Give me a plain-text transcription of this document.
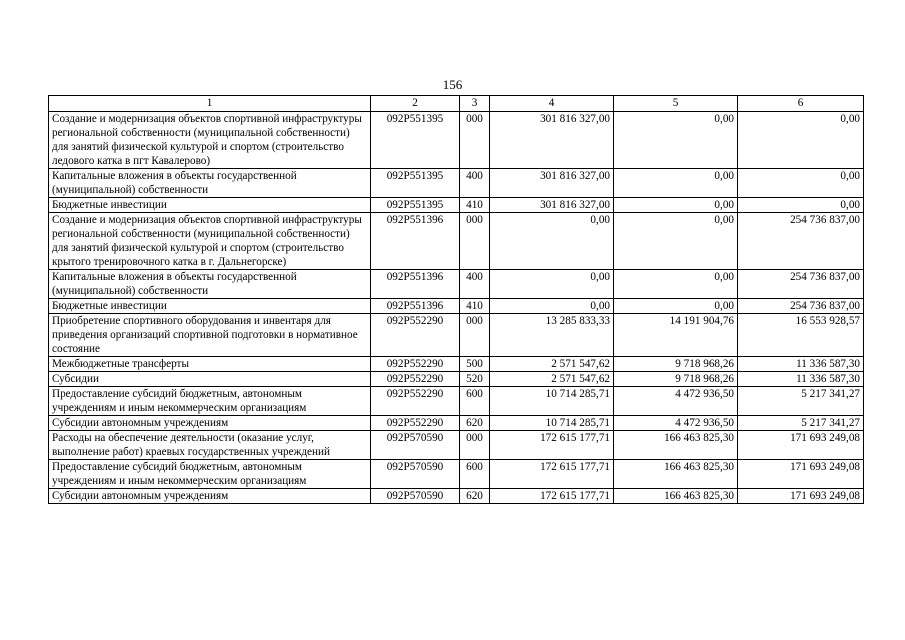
156
1	2	3	4	5	6
Создание и модернизация объектов спортивной инфраструктуры региональной собственности (муниципальной собственности) для занятий физической культурой и спортом (строительство ледового катка в пгт Кавалерово)	092P551395	000	301 816 327,00	0,00	0,00
Капитальные вложения в объекты государственной (муниципальной) собственности	092P551395	400	301 816 327,00	0,00	0,00
Бюджетные инвестиции	092P551395	410	301 816 327,00	0,00	0,00
Создание и модернизация объектов спортивной инфраструктуры региональной собственности (муниципальной собственности) для занятий физической культурой и спортом (строительство крытого тренировочного катка в г. Дальнегорске)	092P551396	000	0,00	0,00	254 736 837,00
Капитальные вложения в объекты государственной (муниципальной) собственности	092P551396	400	0,00	0,00	254 736 837,00
Бюджетные инвестиции	092P551396	410	0,00	0,00	254 736 837,00
Приобретение спортивного оборудования и инвентаря для приведения организаций спортивной подготовки в нормативное состояние	092P552290	000	13 285 833,33	14 191 904,76	16 553 928,57
Межбюджетные трансферты	092P552290	500	2 571 547,62	9 718 968,26	11 336 587,30
Субсидии	092P552290	520	2 571 547,62	9 718 968,26	11 336 587,30
Предоставление субсидий бюджетным, автономным учреждениям и иным некоммерческим организациям	092P552290	600	10 714 285,71	4 472 936,50	5 217 341,27
Субсидии автономным учреждениям	092P552290	620	10 714 285,71	4 472 936,50	5 217 341,27
Расходы на обеспечение деятельности (оказание услуг, выполнение работ) краевых государственных учреждений	092P570590	000	172 615 177,71	166 463 825,30	171 693 249,08
Предоставление субсидий бюджетным, автономным учреждениям и иным некоммерческим организациям	092P570590	600	172 615 177,71	166 463 825,30	171 693 249,08
Субсидии автономным учреждениям	092P570590	620	172 615 177,71	166 463 825,30	171 693 249,08
